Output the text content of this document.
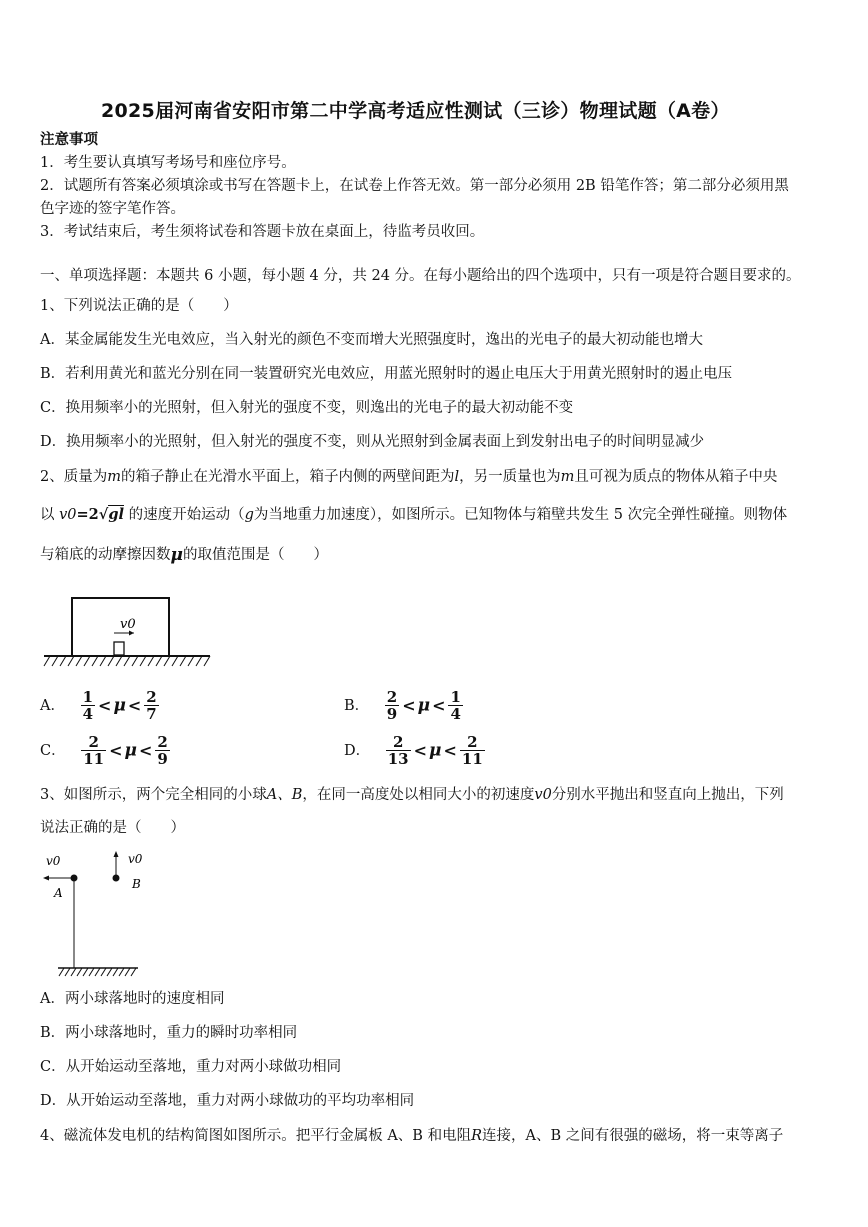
2025届河南省安阳市第二中学高考适应性测试（三诊）物理试题（A卷）
注意事项
1．考生要认真填写考场号和座位序号。
2．试题所有答案必须填涂或书写在答题卡上，在试卷上作答无效。第一部分必须用 2B 铅笔作答；第二部分必须用黑
色字迹的签字笔作答。
3．考试结束后，考生须将试卷和答题卡放在桌面上，待监考员收回。
一、单项选择题：本题共 6 小题，每小题 4 分，共 24 分。在每小题给出的四个选项中，只有一项是符合题目要求的。
1、下列说法正确的是（　　）
A．某金属能发生光电效应，当入射光的颜色不变而增大光照强度时，逸出的光电子的最大初动能也增大
B．若利用黄光和蓝光分别在同一装置研究光电效应，用蓝光照射时的遏止电压大于用黄光照射时的遏止电压
C．换用频率小的光照射，但入射光的强度不变，则逸出的光电子的最大初动能不变
D．换用频率小的光照射，但入射光的强度不变，则从光照射到金属表面上到发射出电子的时间明显减少
2、质量为m的箱子静止在光滑水平面上，箱子内侧的两壁间距为l，另一质量也为m且可视为质点的物体从箱子中央
以 v0=2√gl 的速度开始运动（g为当地重力加速度），如图所示。已知物体与箱壁共发生 5 次完全弹性碰撞。则物体
与箱底的动摩擦因数μ的取值范围是（　　）
v0
A． $\frac{1}{4} < \mu < \frac{2}{7}$	B． $\frac{2}{9} < \mu < \frac{1}{4}$
C． $\frac{2}{11} < \mu < \frac{2}{9}$	D． $\frac{2}{13} < \mu < \frac{2}{11}$
3、如图所示，两个完全相同的小球A、B，在同一高度处以相同大小的初速度v0分别水平抛出和竖直向上抛出，下列
说法正确的是（　　）
v0
A
v0
B
A．两小球落地时的速度相同
B．两小球落地时，重力的瞬时功率相同
C．从开始运动至落地，重力对两小球做功相同
D．从开始运动至落地，重力对两小球做功的平均功率相同
4、磁流体发电机的结构简图如图所示。把平行金属板 A、B 和电阻R连接，A、B 之间有很强的磁场，将一束等离子
